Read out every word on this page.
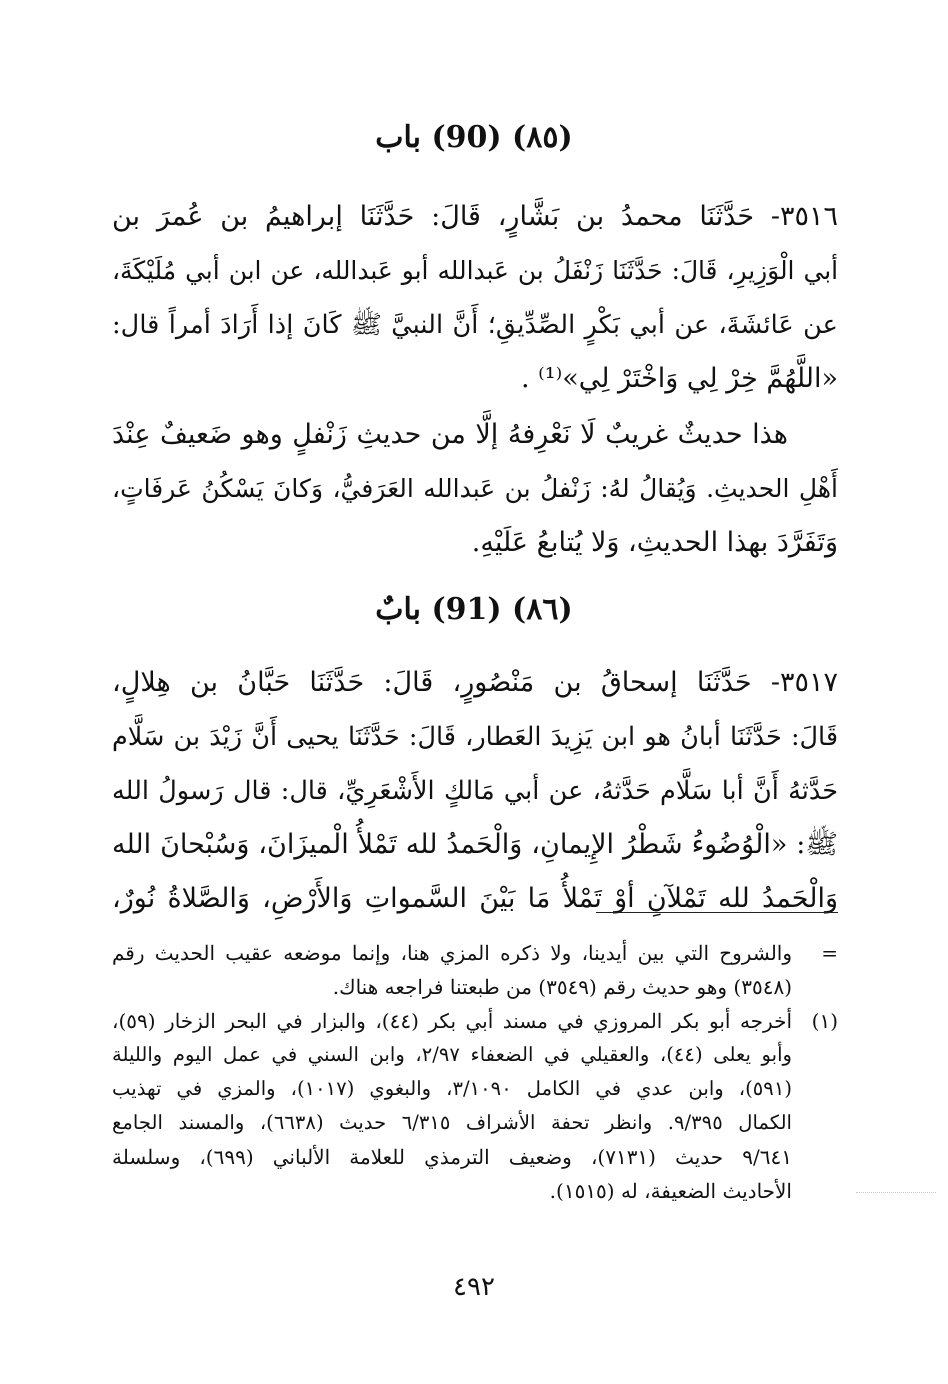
(٨٥) (90) باب
٣٥١٦- حَدَّثَنَا محمدُ بن بَشَّارٍ، قَالَ: حَدَّثَنَا إبراهيمُ بن عُمرَ بن
أبي الْوَزِيرِ، قَالَ: حَدَّثَنَا زَنْفَلُ بن عَبدالله أبو عَبدالله، عن ابن أبي مُلَيْكَةَ،
عن عَائشَةَ، عن أبي بَكْرٍ الصِّدِّيقِ؛ أَنَّ النبيَّ ﷺ كَانَ إذا أَرَادَ أمراً قال:
«اللَّهُمَّ خِرْ لِي وَاخْتَرْ لِي»⁽¹⁾ .
هذا حديثٌ غريبٌ لَا نَعْرِفهُ إلَّا من حديثِ زَنْفلٍ وهو ضَعيفٌ عِنْدَ
أَهْلِ الحديثِ. وَيُقالُ لهُ: زَنْفلُ بن عَبدالله العَرَفيُّ، وَكانَ يَسْكُنُ عَرفَاتٍ،
وَتَفَرَّدَ بهذا الحديثِ، وَلا يُتابعُ عَلَيْهِ.
(٨٦) (91) بابٌ
٣٥١٧- حَدَّثَنَا إسحاقُ بن مَنْصُورٍ، قَالَ: حَدَّثَنَا حَبَّانُ بن هِلالٍ،
قَالَ: حَدَّثَنَا أبانُ هو ابن يَزِيدَ العَطار، قَالَ: حَدَّثَنَا يحيى أَنَّ زَيْدَ بن سَلَّام
حَدَّثهُ أَنَّ أبا سَلَّام حَدَّثهُ، عن أبي مَالكٍ الأَشْعَرِيِّ، قال: قال رَسولُ الله
ﷺ: «الْوُضُوءُ شَطْرُ الإِيمانِ، وَالْحَمدُ لله تَمْلأُ الْميزَانَ، وَسُبْحانَ الله
وَالْحَمدُ لله تَمْلآنِ أوْ تَمْلأُ مَا بَيْنَ السَّمواتِ وَالأَرْضِ، وَالصَّلاةُ نُورٌ،
=
والشروح التي بين أيدينا، ولا ذكره المزي هنا، وإنما موضعه عقيب الحديث رقم
(٣٥٤٨) وهو حديث رقم (٣٥٤٩) من طبعتنا فراجعه هناك.
(١)
أخرجه أبو بكر المروزي في مسند أبي بكر (٤٤)، والبزار في البحر الزخار (٥٩)،
وأبو يعلى (٤٤)، والعقيلي في الضعفاء ٢/٩٧، وابن السني في عمل اليوم والليلة
(٥٩١)، وابن عدي في الكامل ٣/١٠٩٠، والبغوي (١٠١٧)، والمزي في تهذيب
الكمال ٩/٣٩٥. وانظر تحفة الأشراف ٦/٣١٥ حديث (٦٦٣٨)، والمسند الجامع
٩/٦٤١ حديث (٧١٣١)، وضعيف الترمذي للعلامة الألباني (٦٩٩)، وسلسلة
الأحاديث الضعيفة، له (١٥١٥).
٤٩٢
